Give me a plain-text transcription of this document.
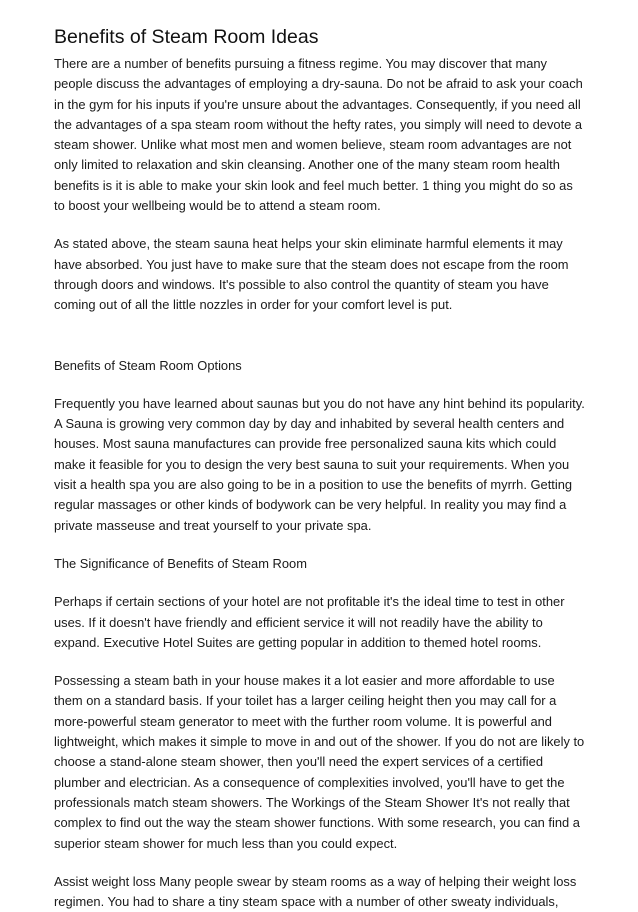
Benefits of Steam Room Ideas

There are a number of benefits pursuing a fitness regime. You may discover that many
people discuss the advantages of employing a dry-sauna. Do not be afraid to ask your coach
in the gym for his inputs if you're unsure about the advantages. Consequently, if you need all
the advantages of a spa steam room without the hefty rates, you simply will need to devote a
steam shower. Unlike what most men and women believe, steam room advantages are not
only limited to relaxation and skin cleansing. Another one of the many steam room health
benefits is it is able to make your skin look and feel much better. 1 thing you might do so as
to boost your wellbeing would be to attend a steam room.

As stated above, the steam sauna heat helps your skin eliminate harmful elements it may
have absorbed. You just have to make sure that the steam does not escape from the room
through doors and windows. It's possible to also control the quantity of steam you have
coming out of all the little nozzles in order for your comfort level is put.

Benefits of Steam Room Options

Frequently you have learned about saunas but you do not have any hint behind its popularity.
A Sauna is growing very common day by day and inhabited by several health centers and
houses. Most sauna manufactures can provide free personalized sauna kits which could
make it feasible for you to design the very best sauna to suit your requirements. When you
visit a health spa you are also going to be in a position to use the benefits of myrrh. Getting
regular massages or other kinds of bodywork can be very helpful. In reality you may find a
private masseuse and treat yourself to your private spa.

The Significance of Benefits of Steam Room

Perhaps if certain sections of your hotel are not profitable it's the ideal time to test in other
uses. If it doesn't have friendly and efficient service it will not readily have the ability to
expand. Executive Hotel Suites are getting popular in addition to themed hotel rooms.

Possessing a steam bath in your house makes it a lot easier and more affordable to use
them on a standard basis. If your toilet has a larger ceiling height then you may call for a
more-powerful steam generator to meet with the further room volume. It is powerful and
lightweight, which makes it simple to move in and out of the shower. If you do not are likely to
choose a stand-alone steam shower, then you'll need the expert services of a certified
plumber and electrician. As a consequence of complexities involved, you'll have to get the
professionals match steam showers. The Workings of the Steam Shower It's not really that
complex to find out the way the steam shower functions. With some research, you can find a
superior steam shower for much less than you could expect.

Assist weight loss Many people swear by steam rooms as a way of helping their weight loss
regimen. You had to share a tiny steam space with a number of other sweaty individuals,
